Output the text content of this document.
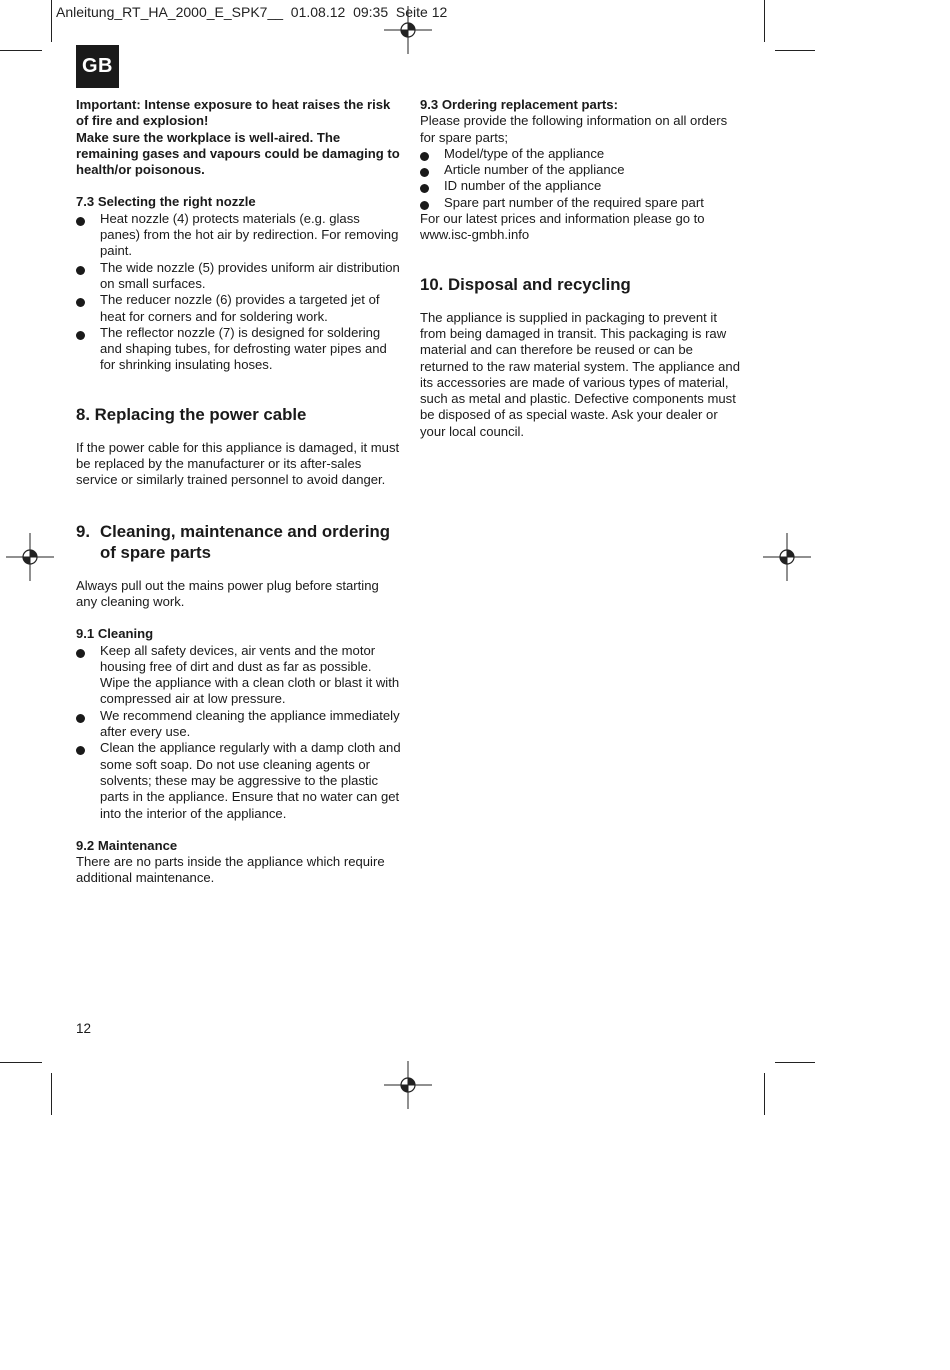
Anleitung_RT_HA_2000_E_SPK7__  01.08.12  09:35  Seite 12
GB

Important: Intense exposure to heat raises the risk of fire and explosion!

Make sure the workplace is well-aired. The remaining gases and vapours could be damaging to health/or poisonous.

7.3 Selecting the right nozzle

Heat nozzle (4) protects materials (e.g. glass panes) from the hot air by redirection. For removing paint.
The wide nozzle (5) provides uniform air distribution on small surfaces.
The reducer nozzle (6) provides a targeted jet of heat for corners and for soldering work.
The reflector nozzle (7) is designed for soldering and shaping tubes, for defrosting water pipes and for shrinking insulating hoses.
8. Replacing the power cable

If the power cable for this appliance is damaged, it must be replaced by the manufacturer or its after-sales service or similarly trained personnel to avoid danger.

9. Cleaning, maintenance and ordering of spare parts

Always pull out the mains power plug before starting any cleaning work.

9.1 Cleaning

Keep all safety devices, air vents and the motor housing free of dirt and dust as far as possible. Wipe the appliance with a clean cloth or blast it with compressed air at low pressure.
We recommend cleaning the appliance immediately after every use.
Clean the appliance regularly with a damp cloth and some soft soap. Do not use cleaning agents or solvents; these may be aggressive to the plastic parts in the appliance. Ensure that no water can get into the interior of the appliance.

9.2 Maintenance

There are no parts inside the appliance which require additional maintenance.

9.3 Ordering replacement parts:

Please provide the following information on all orders for spare parts;

Model/type of the appliance
Article number of the appliance
ID number of the appliance
Spare part number of the required spare part

For our latest prices and information please go to www.isc-gmbh.info

10. Disposal and recycling

The appliance is supplied in packaging to prevent it from being damaged in transit. This packaging is raw material and can therefore be reused or can be returned to the raw material system. The appliance and its accessories are made of various types of material, such as metal and plastic. Defective components must be disposed of as special waste. Ask your dealer or your local council.

12
